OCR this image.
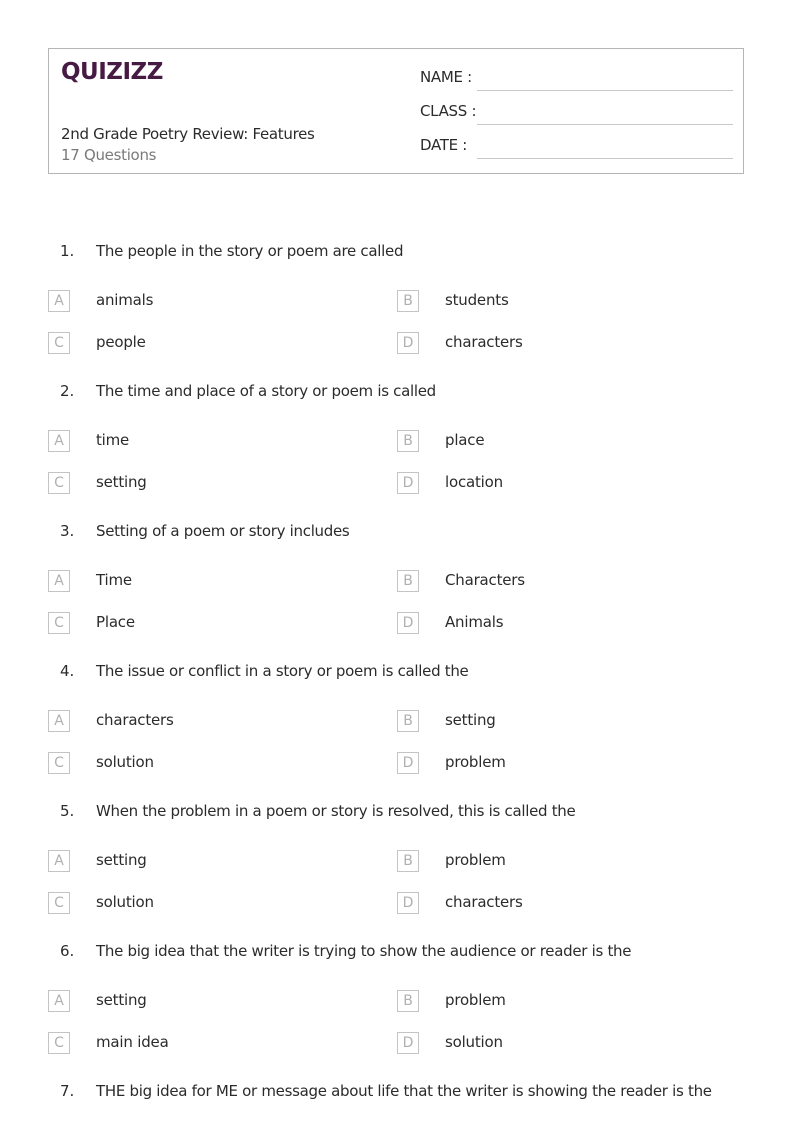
QUIZIZZ
2nd Grade Poetry Review: Features
17 Questions
NAME :
CLASS :
DATE :
1. The people in the story or poem are called
A	animals	B	students
C	people	D	characters
2. The time and place of a story or poem is called
A	time	B	place
C	setting	D	location
3. Setting of a poem or story includes
A	Time	B	Characters
C	Place	D	Animals
4. The issue or conflict in a story or poem is called the
A	characters	B	setting
C	solution	D	problem
5. When the problem in a poem or story is resolved, this is called the
A	setting	B	problem
C	solution	D	characters
6. The big idea that the writer is trying to show the audience or reader is the
A	setting	B	problem
C	main idea	D	solution
7. THE big idea for ME or message about life that the writer is showing the reader is the
